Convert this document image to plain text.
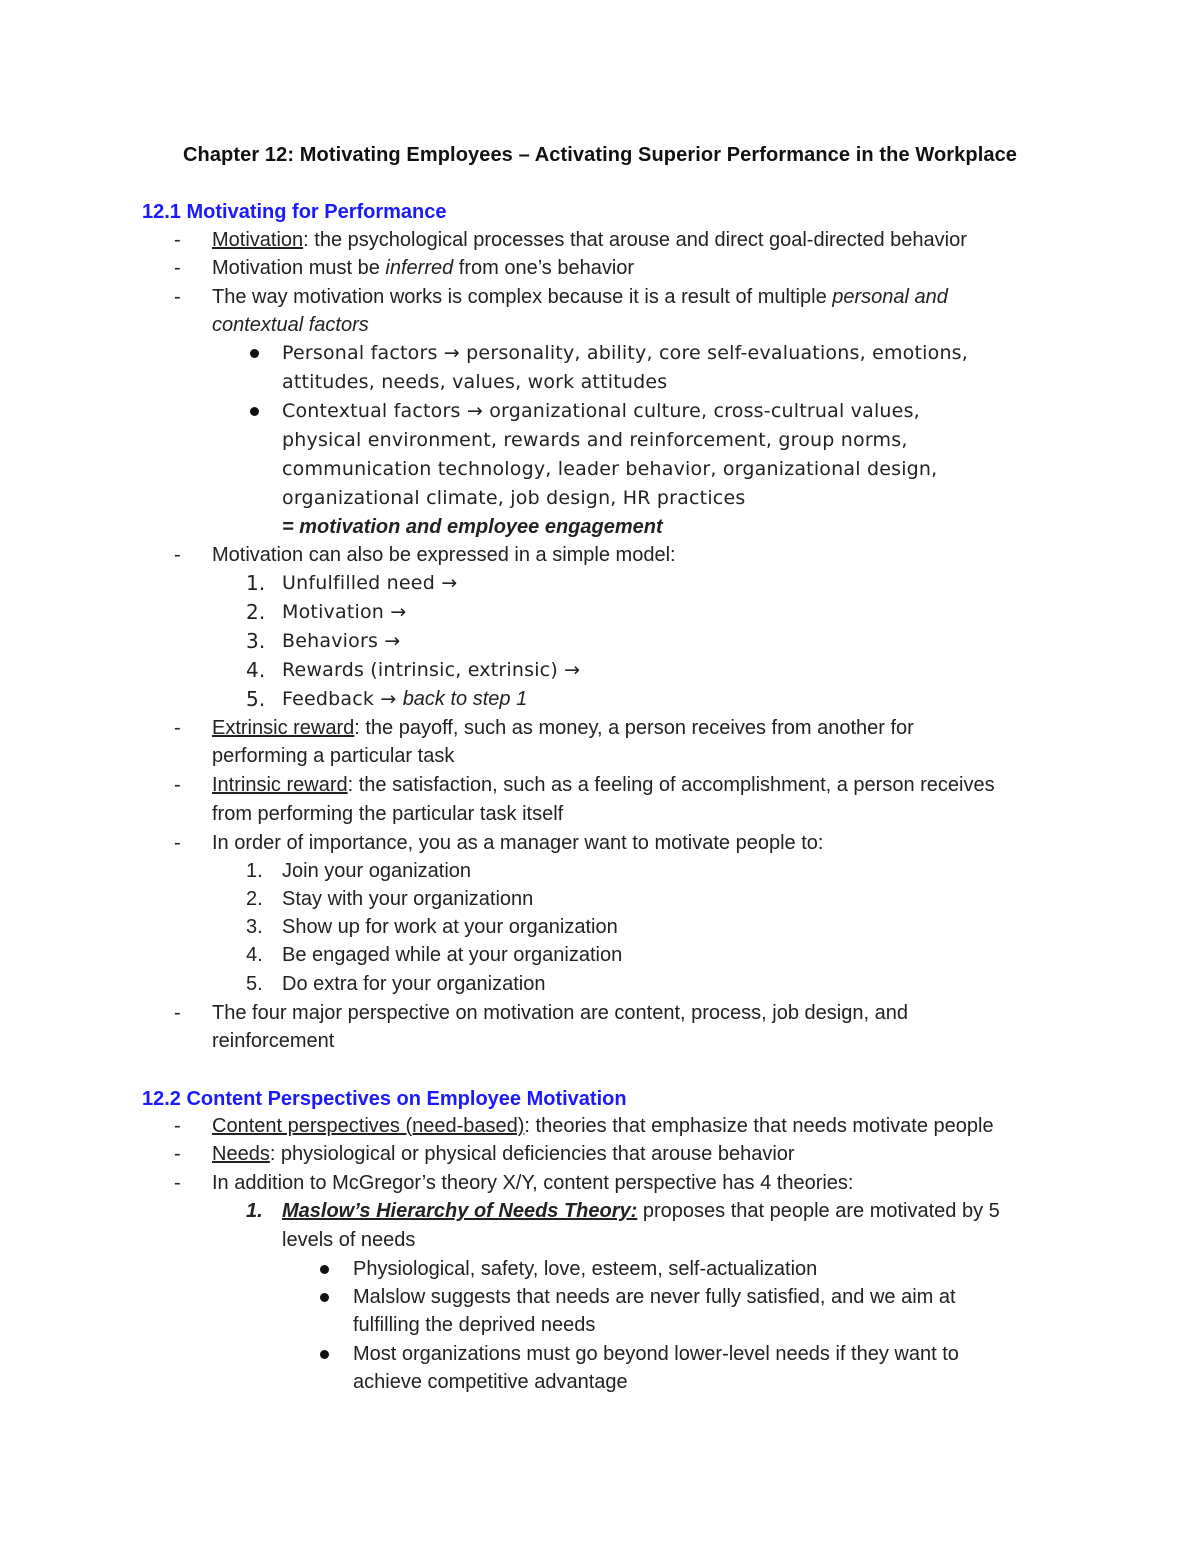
Chapter 12: Motivating Employees – Activating Superior Performance in the Workplace
12.1 Motivating for Performance
- Motivation: the psychological processes that arouse and direct goal-directed behavior
- Motivation must be inferred from one’s behavior
- The way motivation works is complex because it is a result of multiple personal and
contextual factors
Personal factors → personality, ability, core self-evaluations, emotions,
attitudes, needs, values, work attitudes
Contextual factors → organizational culture, cross-cultrual values,
physical environment, rewards and reinforcement, group norms,
communication technology, leader behavior, organizational design,
organizational climate, job design, HR practices
= motivation and employee engagement
- Motivation can also be expressed in a simple model:
1. Unfulfilled need →
2. Motivation →
3. Behaviors →
4. Rewards (intrinsic, extrinsic) →
5. Feedback → back to step 1
- Extrinsic reward: the payoff, such as money, a person receives from another for
performing a particular task
- Intrinsic reward: the satisfaction, such as a feeling of accomplishment, a person receives
from performing the particular task itself
- In order of importance, you as a manager want to motivate people to:
1. Join your oganization
2. Stay with your organizationn
3. Show up for work at your organization
4. Be engaged while at your organization
5. Do extra for your organization
- The four major perspective on motivation are content, process, job design, and
reinforcement
12.2 Content Perspectives on Employee Motivation
- Content perspectives (need-based): theories that emphasize that needs motivate people
- Needs: physiological or physical deficiencies that arouse behavior
- In addition to McGregor’s theory X/Y, content perspective has 4 theories:
1. Maslow’s Hierarchy of Needs Theory: proposes that people are motivated by 5
levels of needs
Physiological, safety, love, esteem, self-actualization
Malslow suggests that needs are never fully satisfied, and we aim at
fulfilling the deprived needs
Most organizations must go beyond lower-level needs if they want to
achieve competitive advantage
